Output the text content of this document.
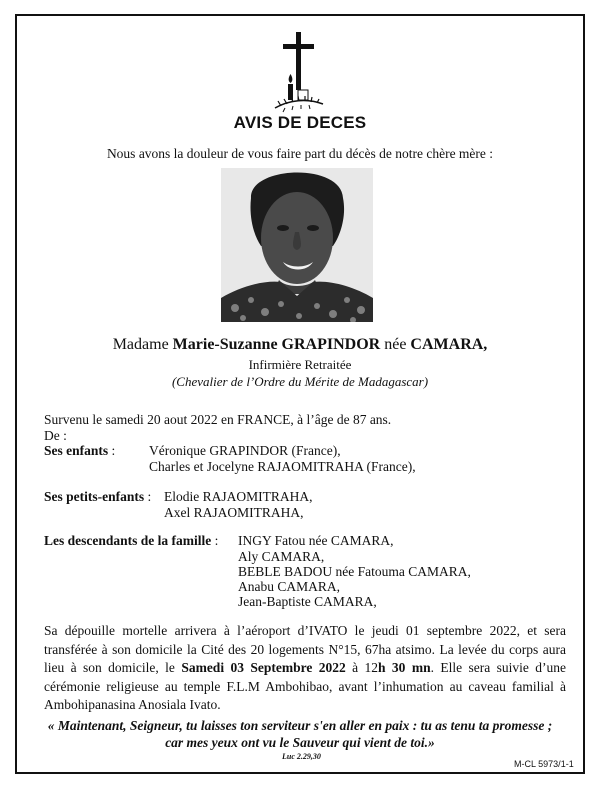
AVIS DE DECES
Nous avons la douleur de vous faire part du décès de notre chère mère :
Madame Marie-Suzanne GRAPINDOR née CAMARA,
Infirmière Retraitée
(Chevalier de l’Ordre du Mérite de Madagascar)
Survenu le samedi 20 aout 2022 en FRANCE, à l’âge de 87 ans.
De :
Ses enfants : Véronique GRAPINDOR (France),
Charles et Jocelyne RAJAOMITRAHA (France),
Ses petits-enfants : Elodie RAJAOMITRAHA,
Axel RAJAOMITRAHA,
Les descendants de la famille : INGY Fatou née CAMARA,
Aly CAMARA,
BEBLE BADOU née Fatouma CAMARA,
Anabu CAMARA,
Jean-Baptiste CAMARA,
Sa dépouille mortelle arrivera à l’aéroport d’IVATO le jeudi 01 septembre 2022, et sera transférée à son domicile la Cité des 20 logements N°15, 67ha atsimo. La levée du corps aura lieu à son domicile, le Samedi 03 Septembre 2022 à 12h 30 mn. Elle sera suivie d’une cérémonie religieuse au temple F.L.M Ambohibao, avant l’inhumation au caveau familial à Ambohipanasina Anosiala Ivato.
« Maintenant, Seigneur, tu laisses ton serviteur s'en aller en paix : tu as tenu ta promesse ;
car mes yeux ont vu le Sauveur qui vient de toi.»
Luc 2.29,30
M-CL 5973/1-1
